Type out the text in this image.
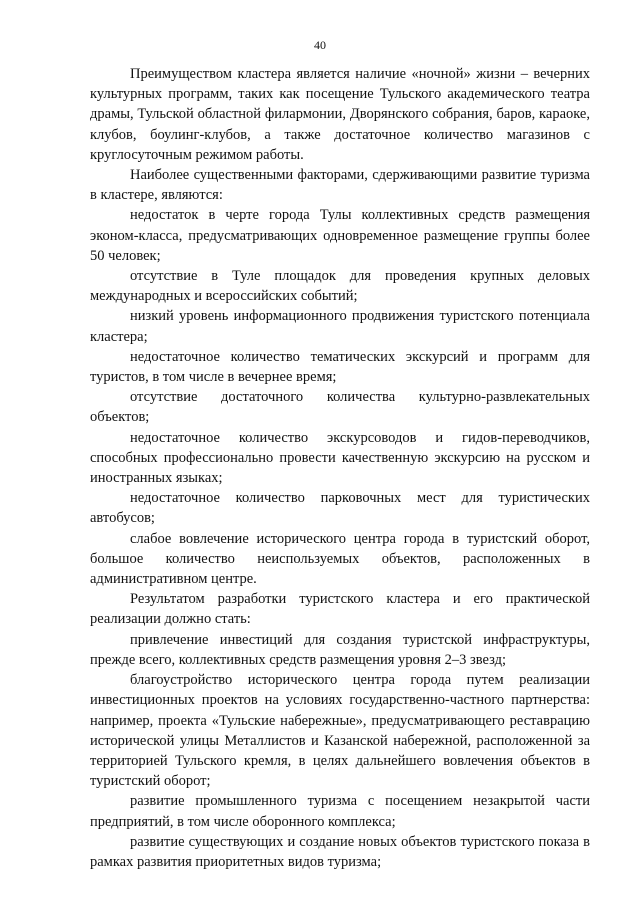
40

Преимуществом кластера является наличие «ночной» жизни – вечерних культурных программ, таких как посещение Тульского академического театра драмы, Тульской областной филармонии, Дворянского собрания, баров, караоке, клубов, боулинг-клубов, а также достаточное количество магазинов с круглосуточным режимом работы.

Наиболее существенными факторами, сдерживающими развитие туризма в кластере, являются:

недостаток в черте города Тулы коллективных средств размещения эконом-класса, предусматривающих одновременное размещение группы более 50 человек;

отсутствие в Туле площадок для проведения крупных деловых международных и всероссийских событий;

низкий уровень информационного продвижения туристского потенциала кластера;

недостаточное количество тематических экскурсий и программ для туристов, в том числе в вечернее время;

отсутствие достаточного количества культурно-развлекательных объектов;

недостаточное количество экскурсоводов и гидов-переводчиков, способных профессионально провести качественную экскурсию на русском и иностранных языках;

недостаточное количество парковочных мест для туристических автобусов;

слабое вовлечение исторического центра города в туристский оборот, большое количество неиспользуемых объектов, расположенных в административном центре.

Результатом разработки туристского кластера и его практической реализации должно стать:

привлечение инвестиций для создания туристской инфраструктуры, прежде всего, коллективных средств размещения уровня 2–3 звезд;

благоустройство исторического центра города путем реализации инвестиционных проектов на условиях государственно-частного партнерства: например, проекта «Тульские набережные», предусматривающего реставрацию исторической улицы Металлистов и Казанской набережной, расположенной за территорией Тульского кремля, в целях дальнейшего вовлечения объектов в туристский оборот;

развитие промышленного туризма с посещением незакрытой части предприятий, в том числе оборонного комплекса;

развитие существующих и создание новых объектов туристского показа в рамках развития приоритетных видов туризма;
